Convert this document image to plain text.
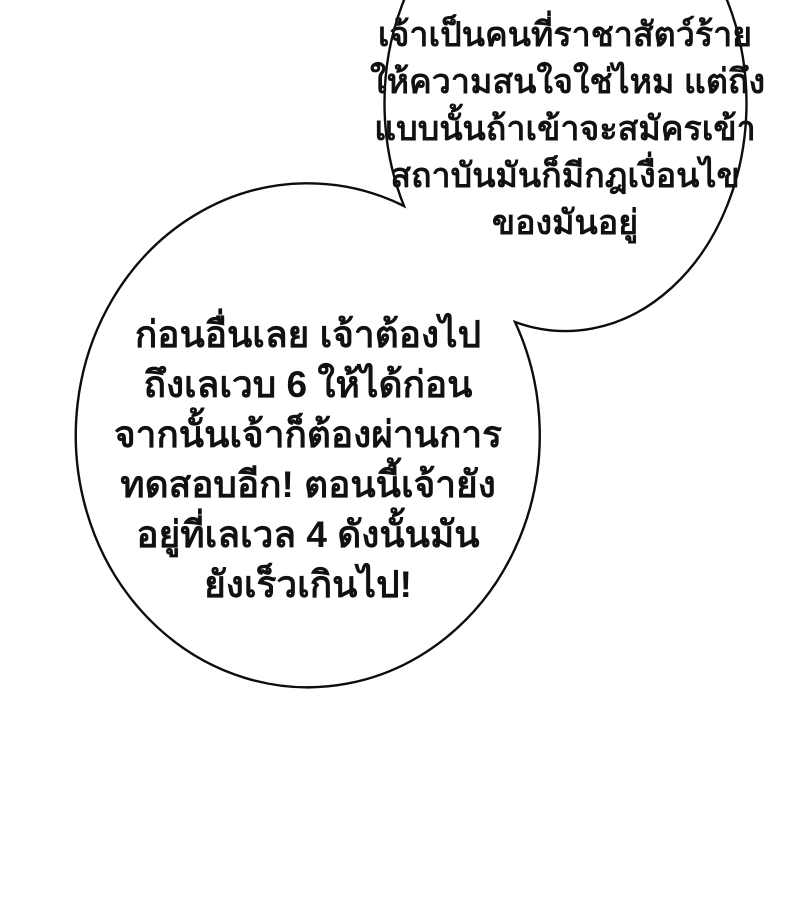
เจ้าเป็นคนที่ราชาสัตว์ร้าย
ให้ความสนใจใช่ไหม แต่ถึง
แบบนั้นถ้าเข้าจะสมัครเข้า
สถาบันมันก็มีกฎเงื่อนไข
ของมันอยู่
ก่อนอื่นเลย เจ้าต้องไป
ถึงเลเวบ 6 ให้ได้ก่อน
จากนั้นเจ้าก็ต้องผ่านการ
ทดสอบอีก! ตอนนี้เจ้ายัง
อยู่ที่เลเวล 4 ดังนั้นมัน
ยังเร็วเกินไป!
